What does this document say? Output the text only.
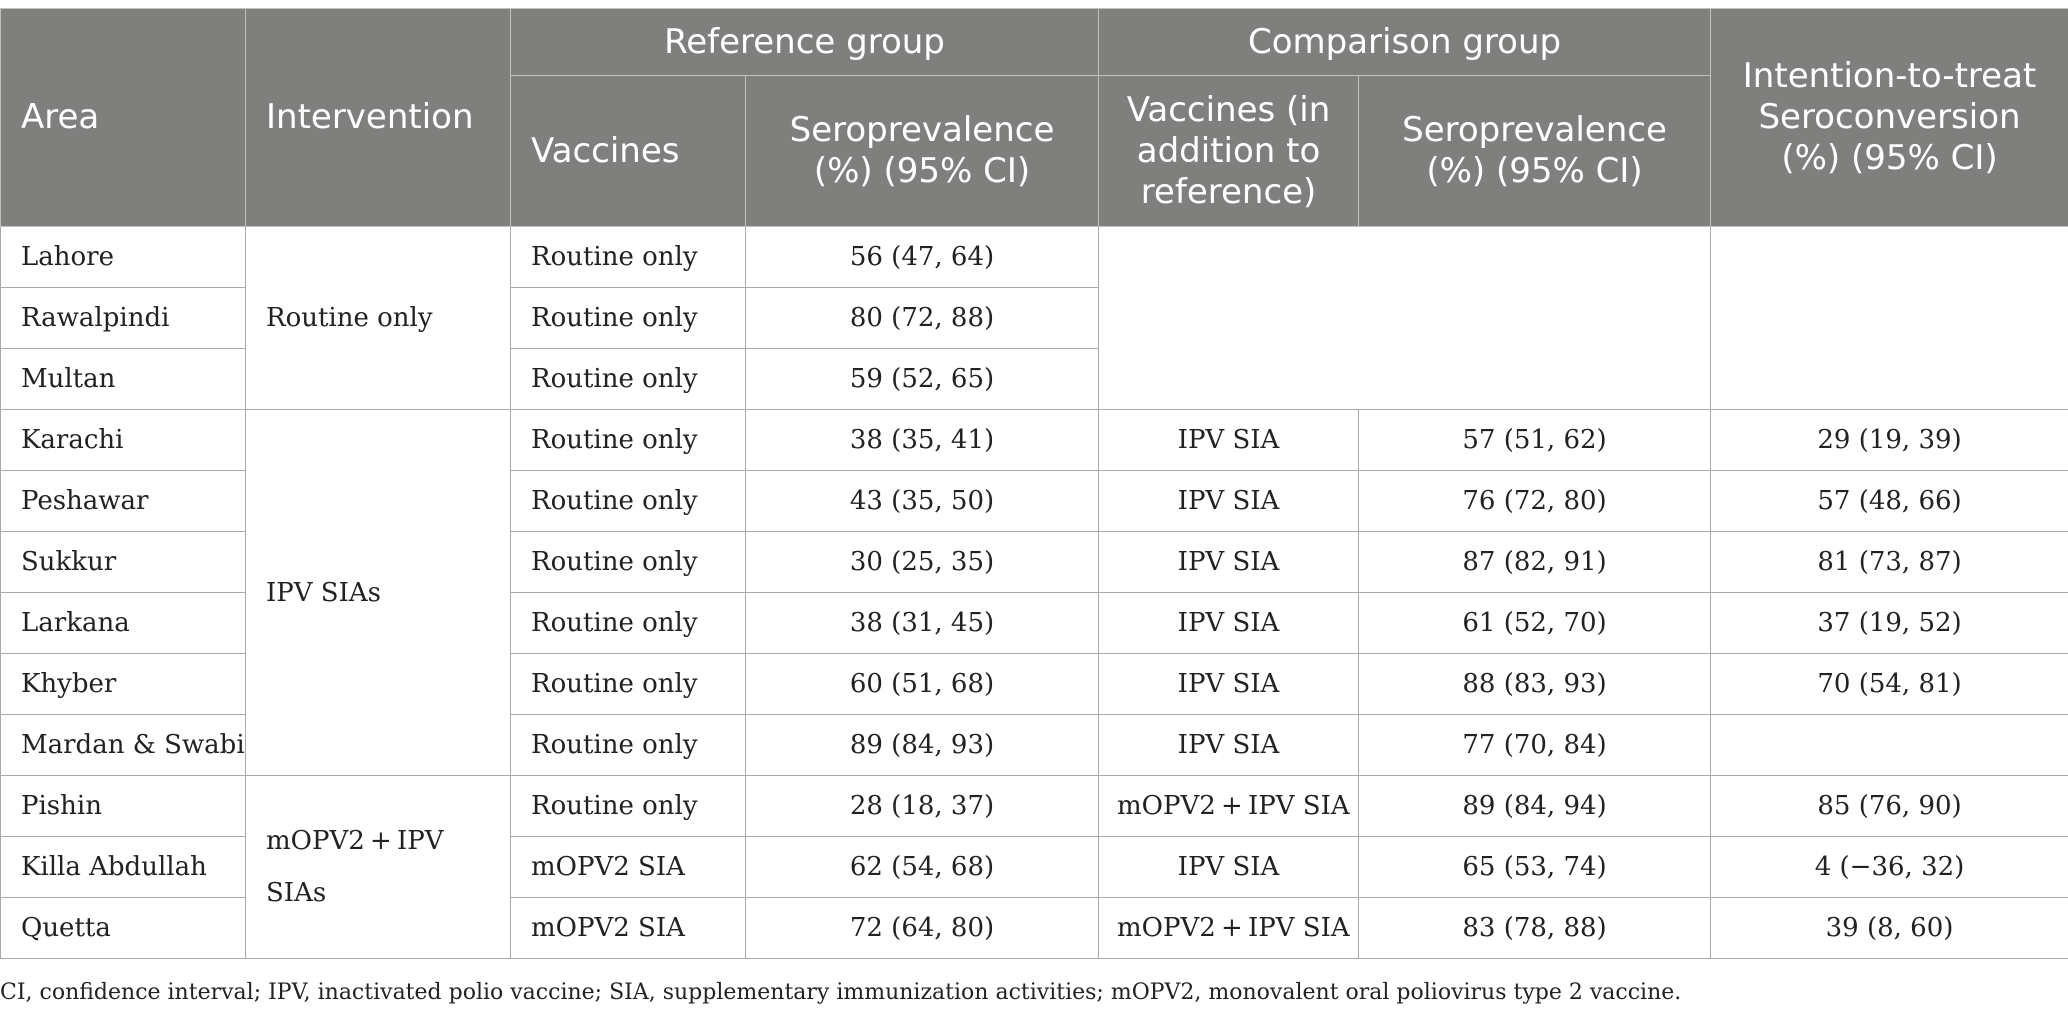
Area	Intervention	Reference group		Comparison group		Intention-to-treat Seroconversion (%) (95% CI)
		Vaccines	Seroprevalence (%) (95% CI)	Vaccines (in addition to reference)	Seroprevalence (%) (95% CI)	
Lahore	Routine only	Routine only	56 (47, 64)			
Rawalpindi		Routine only	80 (72, 88)			
Multan		Routine only	59 (52, 65)			
Karachi	IPV SIAs	Routine only	38 (35, 41)	IPV SIA	57 (51, 62)	29 (19, 39)
Peshawar		Routine only	43 (35, 50)	IPV SIA	76 (72, 80)	57 (48, 66)
Sukkur		Routine only	30 (25, 35)	IPV SIA	87 (82, 91)	81 (73, 87)
Larkana		Routine only	38 (31, 45)	IPV SIA	61 (52, 70)	37 (19, 52)
Khyber		Routine only	60 (51, 68)	IPV SIA	88 (83, 93)	70 (54, 81)
Mardan & Swabi		Routine only	89 (84, 93)	IPV SIA	77 (70, 84)	
Pishin	mOPV2 + IPV SIAs	Routine only	28 (18, 37)	mOPV2 + IPV SIA	89 (84, 94)	85 (76, 90)
Killa Abdullah		mOPV2 SIA	62 (54, 68)	IPV SIA	65 (53, 74)	4 (−36, 32)
Quetta		mOPV2 SIA	72 (64, 80)	mOPV2 + IPV SIA	83 (78, 88)	39 (8, 60)
CI, confidence interval; IPV, inactivated polio vaccine; SIA, supplementary immunization activities; mOPV2, monovalent oral poliovirus type 2 vaccine.
